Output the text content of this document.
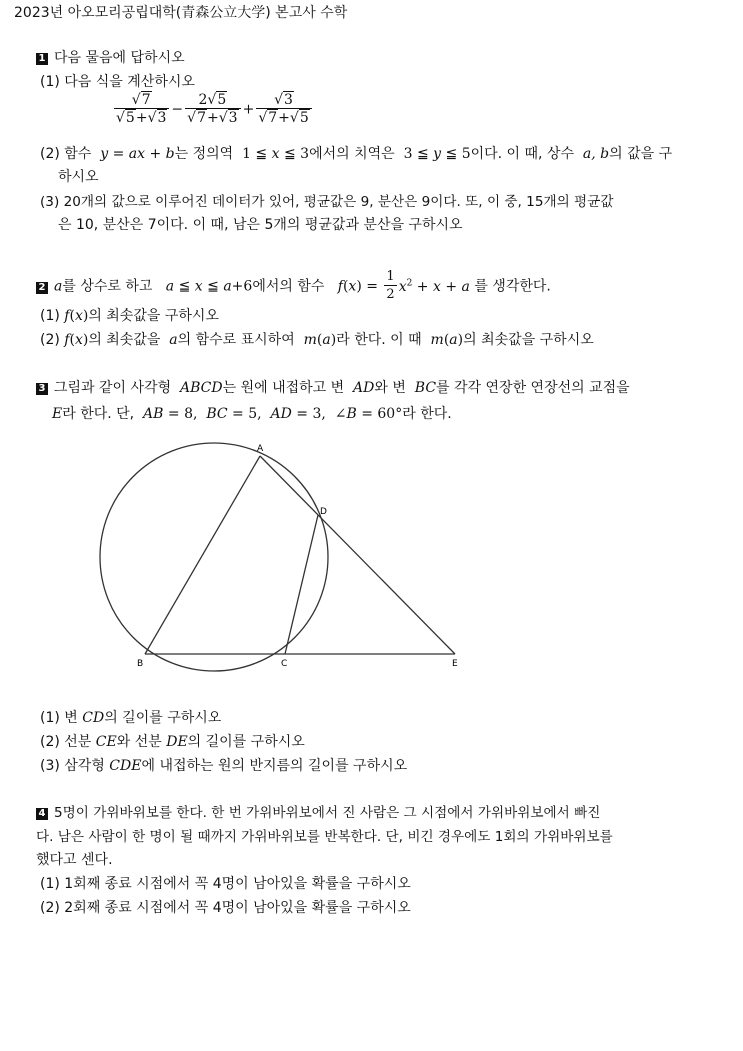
2023년 아오모리공립대학(青森公立大学) 본고사 수학
1 다음 물음에 답하시오
(1) 다음 식을 계산하시오
$\frac{√7}{√5+√3} - \frac{2√5}{√7+√3} + \frac{√3}{√7+√5}$
(2) 함수  y = ax + b는 정의역  1 ≦ x ≦ 3에서의 치역은  3 ≦ y ≦ 5이다. 이 때, 상수  a, b의 값을 구
하시오
(3) 20개의 값으로 이루어진 데이터가 있어, 평균값은 9, 분산은 9이다. 또, 이 중, 15개의 평균값
은 10, 분산은 7이다. 이 때, 남은 5개의 평균값과 분산을 구하시오
2 a를 상수로 하고 a ≦ x ≦ a+6에서의 함수 $f(x) = \frac{1}{2} x^2 + x + a$ 를 생각한다.
(1) f(x)의 최솟값을 구하시오
(2) f(x)의 최솟값을  a의 함수로 표시하여 m(a)라 한다. 이 때 m(a)의 최솟값을 구하시오
3 그림과 같이 사각형  ABCD는 원에 내접하고 변  AD와 변  BC를 각각 연장한 연장선의 교점을
E라 한다. 단, AB = 8,  BC = 5,  AD = 3,  ∠B = 60°라 한다.
A
D
B	C	E
(1) 변 CD의 길이를 구하시오
(2) 선분 CE와 선분 DE의 길이를 구하시오
(3) 삼각형 CDE에 내접하는 원의 반지름의 길이를 구하시오
4 5명이 가위바위보를 한다. 한 번 가위바위보에서 진 사람은 그 시점에서 가위바위보에서 빠진
다. 남은 사람이 한 명이 될 때까지 가위바위보를 반복한다. 단, 비긴 경우에도 1회의 가위바위보를
했다고 센다.
(1) 1회째 종료 시점에서 꼭 4명이 남아있을 확률을 구하시오
(2) 2회째 종료 시점에서 꼭 4명이 남아있을 확률을 구하시오
